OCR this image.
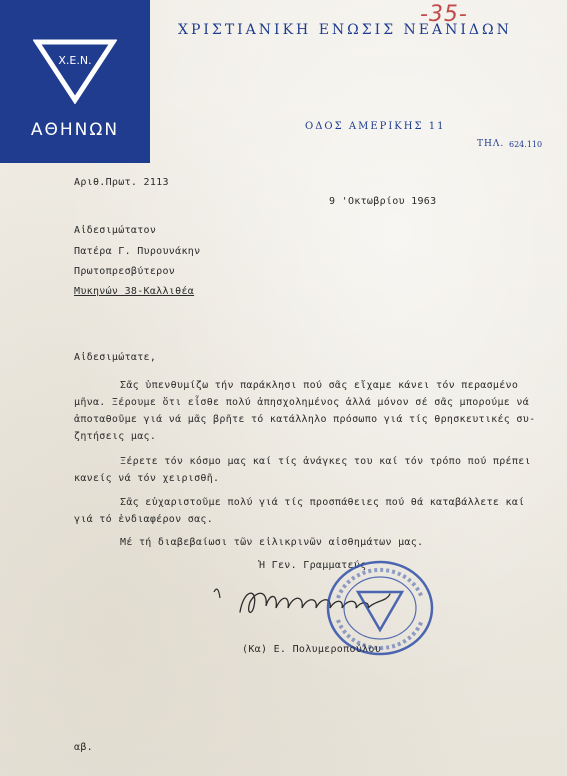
Χ.Ε.Ν.
ΑΘΗΝΩΝ
ΧΡΙΣΤΙΑΝΙΚΗ ΕΝΩΣΙΣ ΝΕΑΝΙΔΩΝ
ΟΔΟΣ ΑΜΕΡΙΚΗΣ 11
ΤΗΛ. 624.110
-35-
Αριθ.Πρωτ. 2113
9 'Οκτωβρίου 1963
Αἰδεσιμώτατον
Πατέρα Γ. Πυρουνάκην
Πρωτοπρεσβύτερον
Μυκηνών 38-Καλλιθέα
Αἰδεσιμώτατε,
Σᾶς ὑπενθυμίζω τήν παράκλησι πού σᾶς εἴχαμε κάνει τόν περασμένο
μῆνα. Ξέρουμε ὅτι εἶσθε πολύ ἀπησχολημένος ἀλλά μόνον σέ σᾶς μπορούμε νά
ἀποταθοῦμε γιά νά μᾶς βρῆτε τό κατάλληλο πρόσωπο γιά τίς θρησκευτικές συ-
ζητήσεις μας.
Ξέρετε τόν κόσμο μας καί τίς ἀνάγκες του καί τόν τρόπο πού πρέπει
κανείς νά τόν χειρισθῆ.
Σᾶς εὐχαριστοῦμε πολύ γιά τίς προσπάθειες πού θά καταβάλλετε καί
γιά τό ἐνδιαφέρον σας.
Μέ τή διαβεβαίωσι τῶν εἰλικρινῶν αἰσθημάτων μας.
Ἡ Γεν. Γραμματεύς
(Κα) Ε. Πολυμεροπούλου
αβ.
